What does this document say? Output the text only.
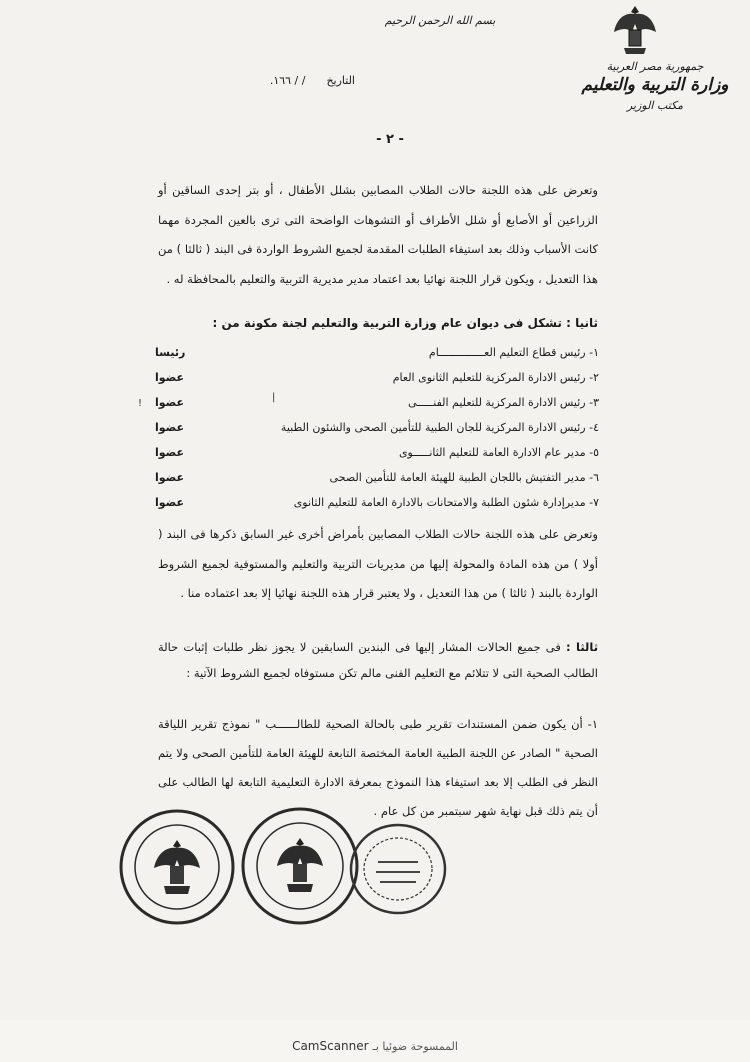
بسم الله الرحمن الرحيم
جمهورية مصر العربية
وزارة التربية والتعليم
مكتب الوزير
التاريخ      / / ١٦٦.
- ٢ -
وتعرض على هذه اللجنة حالات الطلاب المصابين بشلل الأطفال ، أو بتر إحدى الساقين أو الزراعين أو الأصابع أو شلل الأطراف أو التشوهات الواضحة التى ترى بالعين المجردة مهما كانت الأسباب وذلك بعد استيفاء الطلبات المقدمة لجميع الشروط الواردة فى البند ( ثالثا ) من هذا التعديل ، ويكون قرار اللجنة نهائيا بعد اعتماد مدير مديرية التربية والتعليم بالمحافظة له .
ثانيا : تشكل فى ديوان عام وزارة التربية والتعليم لجنة مكونة من :
١- رئيس قطاع التعليم العــــــــــــــام
رئيسا
٢- رئيس الادارة المركزية للتعليم الثانوى العام
عضوا
٣- رئيس الادارة المركزية للتعليم الفنـــــى
عضوا
٤- رئيس الادارة المركزية للجان الطبية للتأمين الصحى والشئون الطبية
عضوا
٥- مدير عام الادارة العامة للتعليم الثانـــــوى
عضوا
٦- مدير التفتيش باللجان الطبية للهيئة العامة للتأمين الصحى
عضوا
٧- مديرإدارة شئون الطلبة والامتحانات بالادارة العامة للتعليم الثانوى
عضوا
وتعرض على هذه اللجنة حالات الطلاب المصابين بأمراض أخرى غير السابق ذكرها فى البند ( أولا ) من هذه المادة والمحولة إليها من مديريات التربية والتعليم والمستوفية لجميع الشروط الواردة بالبند ( ثالثا ) من هذا التعديل ، ولا يعتبر قرار هذه اللجنة نهائيا إلا بعد اعتماده منا .
ثالثا : فى جميع الحالات المشار إليها فى البندين السابقين لا يجوز نظر طلبات إثبات حالة الطالب الصحية التى لا تتلائم مع التعليم الفنى مالم تكن مستوفاه لجميع الشروط الآتية :
١- أن يكون ضمن المستندات تقرير طبى بالحالة الصحية للطالــــــب " نموذج تقرير اللياقة الصحية " الصادر عن اللجنة الطبية العامة المختصة التابعة للهيئة العامة للتأمين الصحى ولا يتم النظر فى الطلب إلا بعد استيفاء هذا النموذج بمعرفة الادارة التعليمية التابعة لها الطالب على أن يتم ذلك قبل نهاية شهر سبتمبر من كل عام .
|
!
الممسوحة ضوئيا بـ
CamScanner
